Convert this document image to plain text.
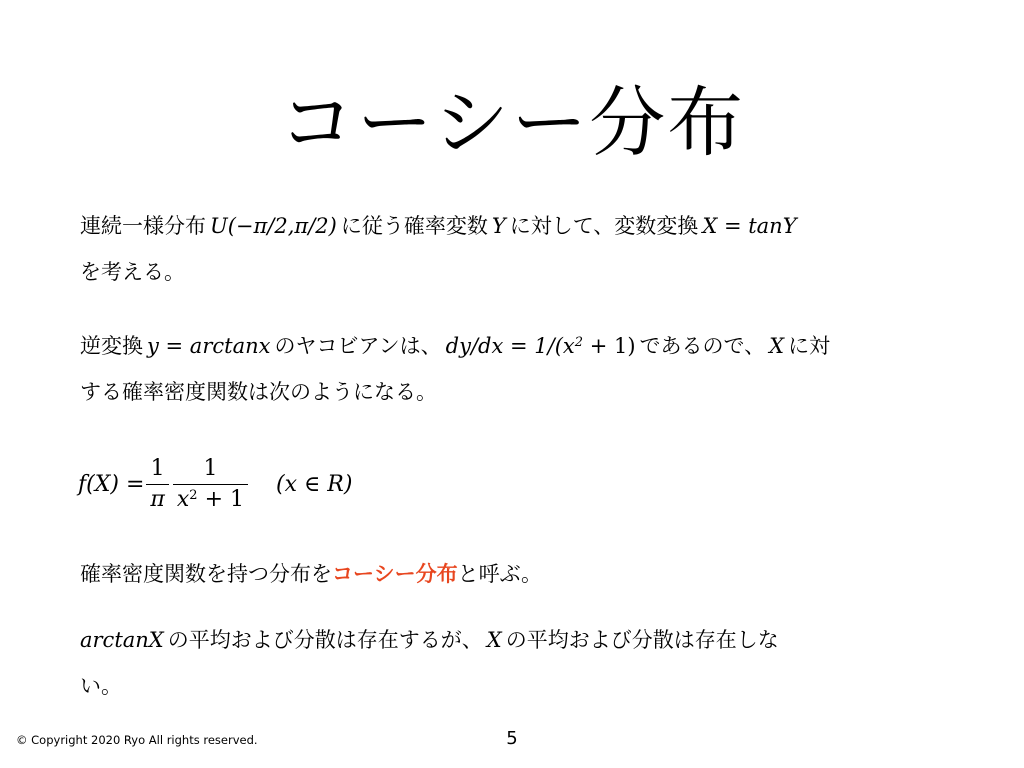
コーシー分布
連続一様分布 U(−π/2,π/2) に従う確率変数 Y に対して、変数変換 X = tanY
を考える。
逆変換 y = arctanx のヤコビアンは、 $dy/dx = 1/(x^2 + 1)$ であるので、 X に対
する確率密度関数は次のようになる。
$f(X) = \frac{1}{\pi} \frac{1}{x^2 + 1} (x$ ∈ R)
確率密度関数を持つ分布をコーシー分布と呼ぶ。
arctanX の平均および分散は存在するが、 X の平均および分散は存在しな
い。
© Copyright 2020 Ryo All rights reserved.	5
